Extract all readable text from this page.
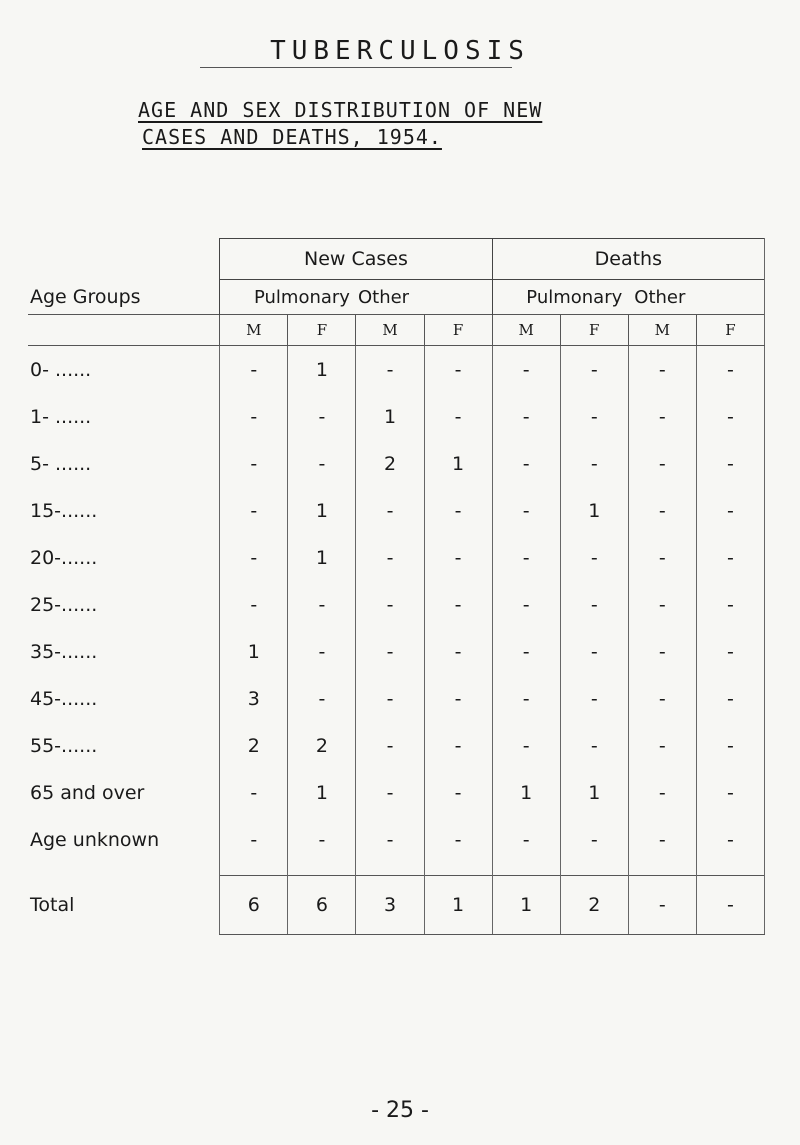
TUBERCULOSIS
AGE AND SEX DISTRIBUTION OF NEW
CASES AND DEATHS, 1954.
Age Groups	New Cases				Deaths			
	Pulmonary		Other		Pulmonary		Other	
	M	F	M	F	M	F	M	F
0- ......	-	1	-	-	-	-	-	-
1- ......	-	-	1	-	-	-	-	-
5- ......	-	-	2	1	-	-	-	-
15-......	-	1	-	-	-	1	-	-
20-......	-	1	-	-	-	-	-	-
25-......	-	-	-	-	-	-	-	-
35-......	1	-	-	-	-	-	-	-
45-......	3	-	-	-	-	-	-	-
55-......	2	2	-	-	-	-	-	-
65 and over	-	1	-	-	1	1	-	-
Age unknown	-	-	-	-	-	-	-	-

Total	6	6	3	1	1	2	-	-
- 25 -
